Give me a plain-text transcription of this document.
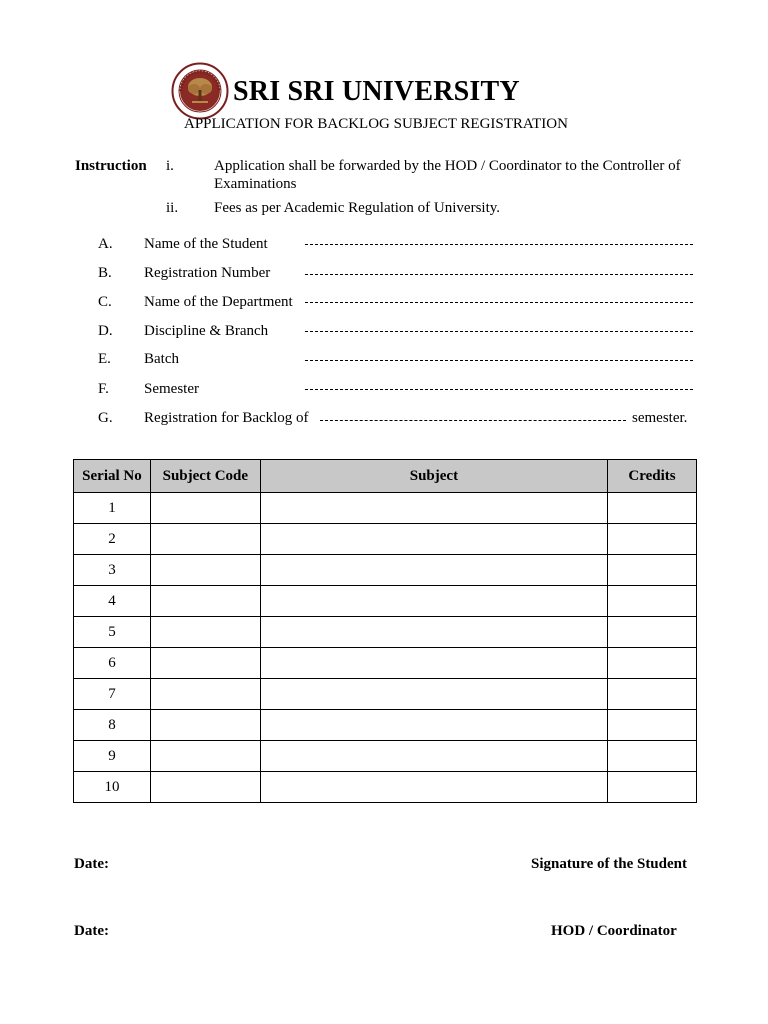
SRI SRI UNIVERSITY
APPLICATION FOR BACKLOG SUBJECT REGISTRATION
Instruction i.	Application shall be forwarded by the HOD / Coordinator to the Controller of
Examinations
ii. Fees as per Academic Regulation of University.
A. Name of the Student
B. Registration Number
C. Name of the Department
D. Discipline & Branch
E. Batch
F. Semester
G. Registration for Backlog of	semester.
Serial No	Subject Code	Subject	Credits
1			
2			
3			
4			
5			
6			
7			
8			
9			
10			
Date:	Signature of the Student
Date:	HOD / Coordinator
